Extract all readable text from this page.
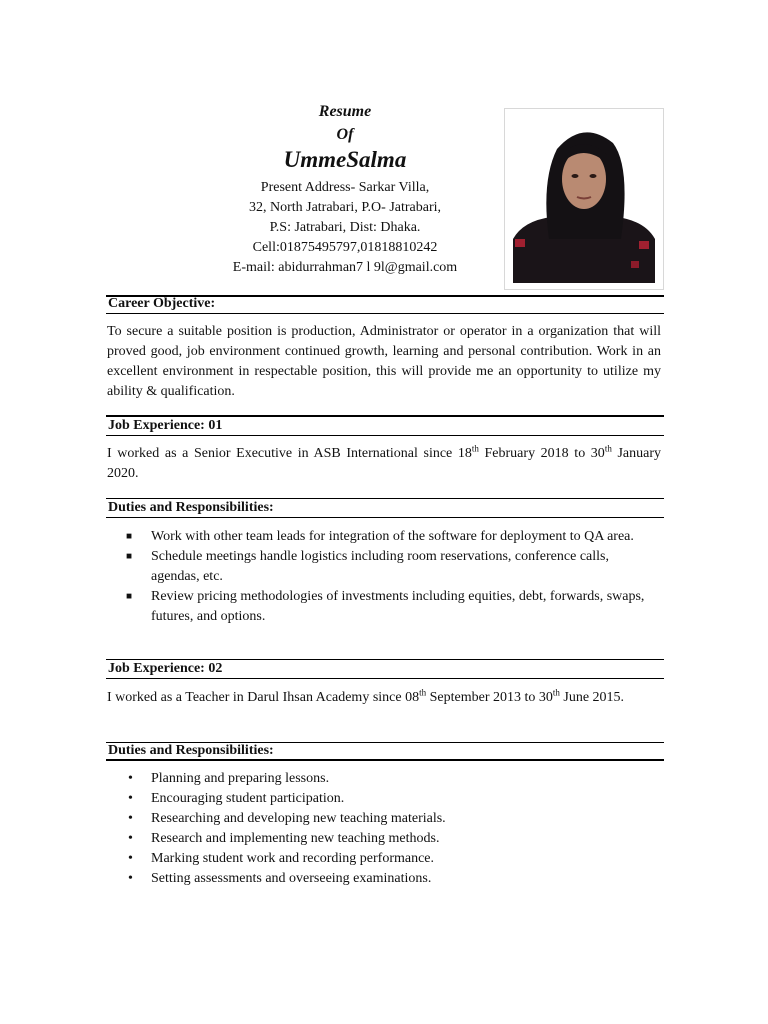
Resume
Of
UmmeSalma
Present Address- Sarkar Villa,
32, North Jatrabari, P.O- Jatrabari,
P.S: Jatrabari, Dist: Dhaka.
Cell:01875495797,01818810242
E-mail: abidurrahman7 l 9l@gmail.com
Career Objective:
To secure a suitable position is production, Administrator or operator in a organization that will proved good, job environment continued growth, learning and personal contribution. Work in an excellent environment in respectable position, this will provide me an opportunity to utilize my ability & qualification.
Job Experience: 01
I worked as a Senior Executive in ASB International since 18th February 2018 to 30th January 2020.
Duties and Responsibilities:
■ Work with other team leads for integration of the software for deployment to QA area.
■ Schedule meetings handle logistics including room reservations, conference calls, agendas, etc.
■ Review pricing methodologies of investments including equities, debt, forwards, swaps, futures, and options.
Job Experience: 02
I worked as a Teacher in Darul Ihsan Academy since 08th September 2013 to 30th June 2015.
Duties and Responsibilities:
• Planning and preparing lessons.
• Encouraging student participation.
• Researching and developing new teaching materials.
• Research and implementing new teaching methods.
• Marking student work and recording performance.
• Setting assessments and overseeing examinations.
